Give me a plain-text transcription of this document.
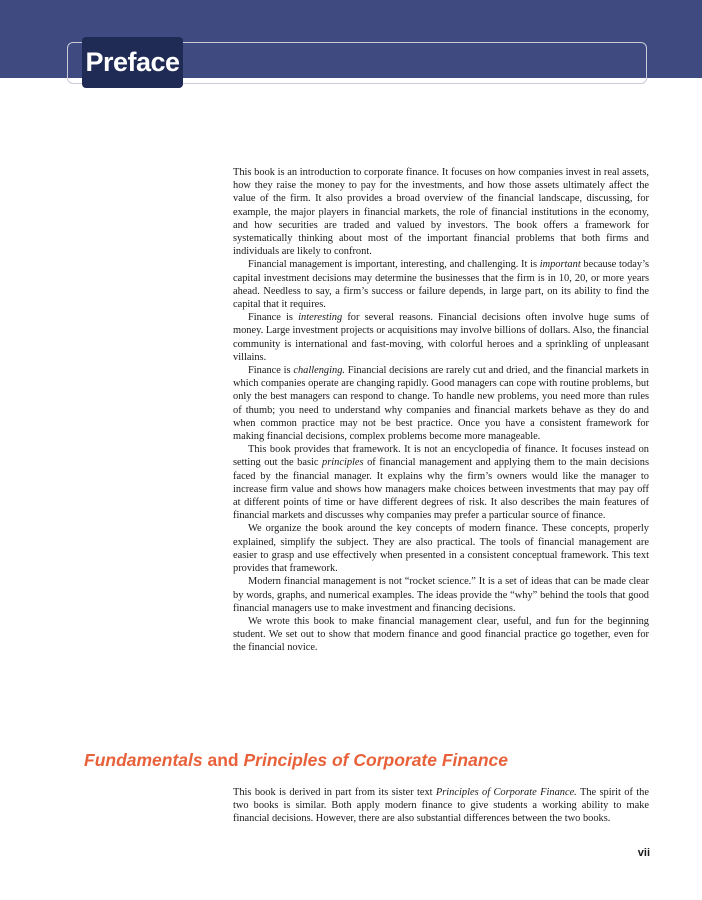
Preface

This book is an introduction to corporate finance. It focuses on how companies invest in real assets, how they raise the money to pay for the investments, and how those assets ultimately affect the value of the firm. It also provides a broad overview of the financial landscape, discussing, for example, the major players in financial markets, the role of financial institutions in the economy, and how securities are traded and valued by investors. The book offers a framework for systematically thinking about most of the important financial problems that both firms and individuals are likely to confront.

Financial management is important, interesting, and challenging. It is important because today’s capital investment decisions may determine the businesses that the firm is in 10, 20, or more years ahead. Needless to say, a firm’s success or failure depends, in large part, on its ability to find the capital that it requires.

Finance is interesting for several reasons. Financial decisions often involve huge sums of money. Large investment projects or acquisitions may involve billions of dollars. Also, the financial community is international and fast-moving, with colorful heroes and a sprinkling of unpleasant villains.

Finance is challenging. Financial decisions are rarely cut and dried, and the financial markets in which companies operate are changing rapidly. Good managers can cope with routine problems, but only the best managers can respond to change. To handle new problems, you need more than rules of thumb; you need to understand why companies and financial markets behave as they do and when common practice may not be best practice. Once you have a consistent framework for making financial decisions, complex problems become more manageable.

This book provides that framework. It is not an encyclopedia of finance. It focuses instead on setting out the basic principles of financial management and applying them to the main decisions faced by the financial manager. It explains why the firm’s owners would like the manager to increase firm value and shows how managers make choices between investments that may pay off at different points of time or have different degrees of risk. It also describes the main features of financial markets and discusses why companies may prefer a particular source of finance.

We organize the book around the key concepts of modern finance. These concepts, properly explained, simplify the subject. They are also practical. The tools of financial management are easier to grasp and use effectively when presented in a consistent conceptual framework. This text provides that framework.

Modern financial management is not “rocket science.” It is a set of ideas that can be made clear by words, graphs, and numerical examples. The ideas provide the “why” behind the tools that good financial managers use to make investment and financing decisions.

We wrote this book to make financial management clear, useful, and fun for the beginning student. We set out to show that modern finance and good financial practice go together, even for the financial novice.

Fundamentals and Principles of Corporate Finance

This book is derived in part from its sister text Principles of Corporate Finance. The spirit of the two books is similar. Both apply modern finance to give students a working ability to make financial decisions. However, there are also substantial differences between the two books.

vii
